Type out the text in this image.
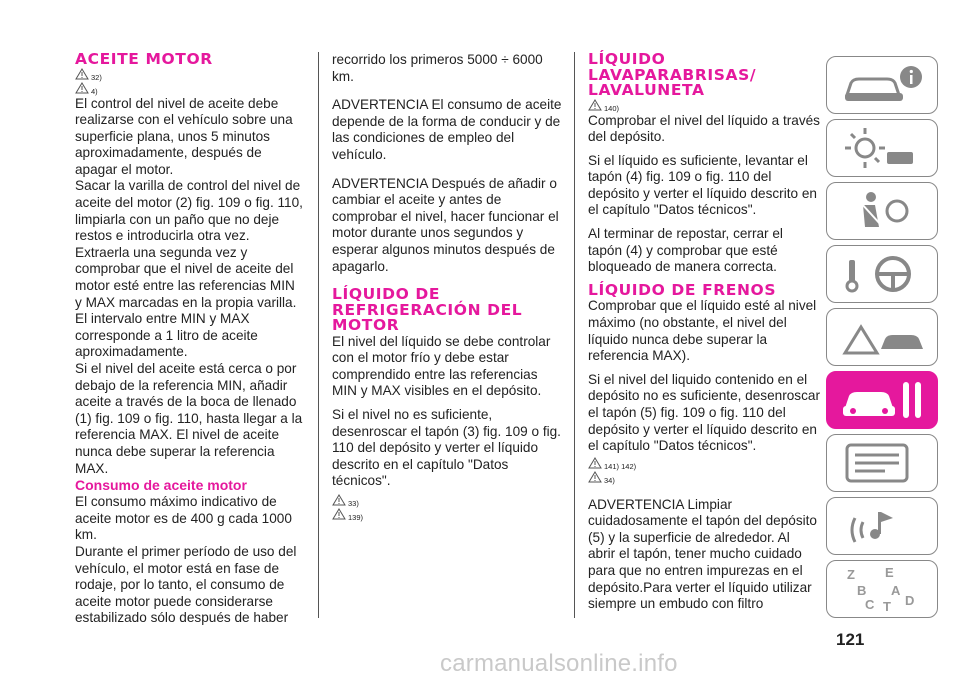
ACEITE MOTOR

32)
4)

El control del nivel de aceite debe realizarse con el vehículo sobre una superficie plana, unos 5 minutos aproximadamente, después de apagar el motor.

Sacar la varilla de control del nivel de aceite del motor (2) fig. 109 o fig. 110, limpiarla con un paño que no deje restos e introducirla otra vez. Extraerla una segunda vez y comprobar que el nivel de aceite del motor esté entre las referencias MIN y MAX marcadas en la propia varilla.

El intervalo entre MIN y MAX corresponde a 1 litro de aceite aproximadamente.

Si el nivel del aceite está cerca o por debajo de la referencia MIN, añadir aceite a través de la boca de llenado (1) fig. 109 o fig. 110, hasta llegar a la referencia MAX. El nivel de aceite nunca debe superar la referencia MAX.

Consumo de aceite motor

El consumo máximo indicativo de aceite motor es de 400 g cada 1000 km.

Durante el primer período de uso del vehículo, el motor está en fase de rodaje, por lo tanto, el consumo de aceite motor puede considerarse estabilizado sólo después de haber

recorrido los primeros 5000 ÷ 6000 km.

ADVERTENCIA El consumo de aceite depende de la forma de conducir y de las condiciones de empleo del vehículo.

ADVERTENCIA Después de añadir o cambiar el aceite y antes de comprobar el nivel, hacer funcionar el motor durante unos segundos y esperar algunos minutos después de apagarlo.

LÍQUIDO DE REFRIGERACIÓN DEL MOTOR

El nivel del líquido se debe controlar con el motor frío y debe estar comprendido entre las referencias MIN y MAX visibles en el depósito.

Si el nivel no es suficiente, desenroscar el tapón (3) fig. 109 o fig. 110 del depósito y verter el líquido descrito en el capítulo "Datos técnicos".

33)
139)

LÍQUIDO LAVAPARABRISAS/ LAVALUNETA

140)

Comprobar el nivel del líquido a través del depósito.

Si el líquido es suficiente, levantar el tapón (4) fig. 109 o fig. 110 del depósito y verter el líquido descrito en el capítulo "Datos técnicos".

Al terminar de repostar, cerrar el tapón (4) y comprobar que esté bloqueado de manera correcta.

LÍQUIDO DE FRENOS

Comprobar que el líquido esté al nivel máximo (no obstante, el nivel del líquido nunca debe superar la referencia MAX).

Si el nivel del liquido contenido en el depósito no es suficiente, desenroscar el tapón (5) fig. 109 o fig. 110 del depósito y verter el líquido descrito en el capítulo "Datos técnicos".

141)
142)
34)

ADVERTENCIA Limpiar cuidadosamente el tapón del depósito (5) y la superficie de alrededor. Al abrir el tapón, tener mucho cuidado para que no entren impurezas en el depósito.Para verter el líquido utilizar siempre un embudo con filtro

Z E
B A
C D
T
121
carmanualsonline.info
